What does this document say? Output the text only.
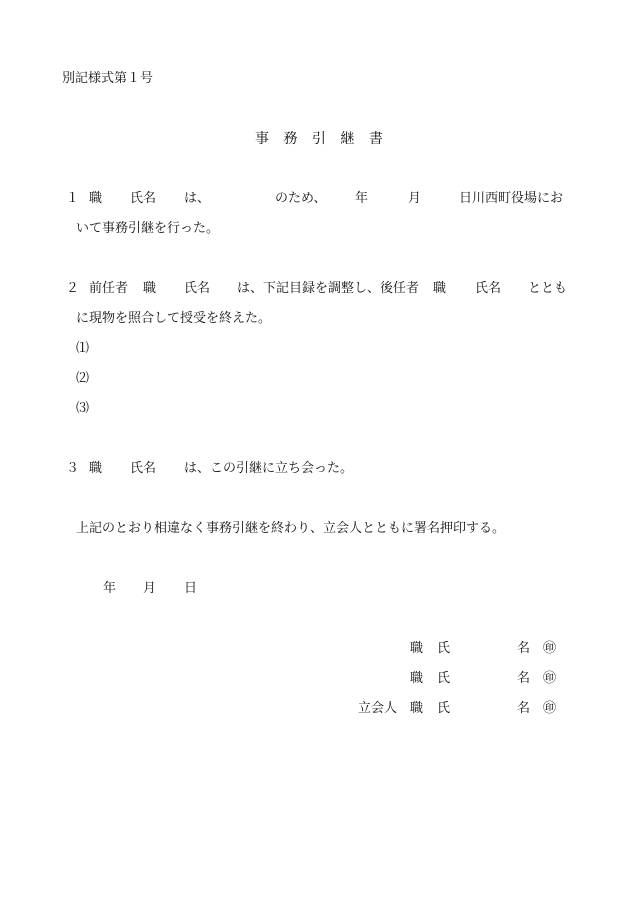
別記様式第１号
事 務 引 継 書
１ 職 氏名 は、	のため、 年	月	日川西町役場にお
いて事務引継を行った。
２ 前任者 職 氏名 は、下記目録を調整し、後任者 職 氏名 ととも
に現物を照合して授受を終えた。
⑴
⑵
⑶
３ 職 氏名 は、この引継に立ち会った。
上記のとおり相違なく事務引継を終わり、立会人とともに署名押印する。
年 月 日
職 氏	名 ㊞
職 氏	名 ㊞
立会人 職 氏	名 ㊞
